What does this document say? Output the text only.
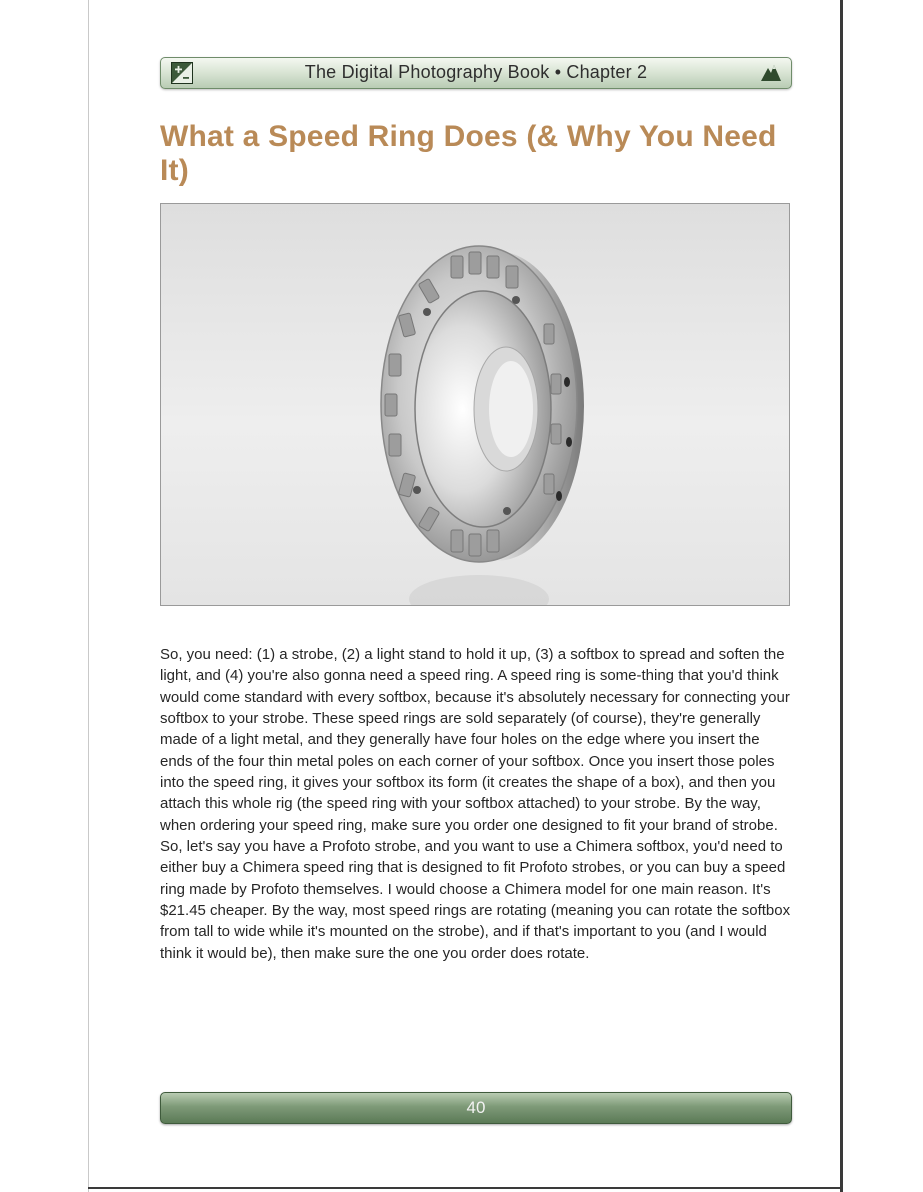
The Digital Photography Book • Chapter 2
What a Speed Ring Does (& Why You Need It)

So, you need: (1) a strobe, (2) a light stand to hold it up, (3) a softbox to spread and soften the light, and (4) you're also gonna need a speed ring. A speed ring is some-thing that you'd think would come standard with every softbox, because it's absolutely necessary for connecting your softbox to your strobe. These speed rings are sold separately (of course), they're generally made of a light metal, and they generally have four holes on the edge where you insert the ends of the four thin metal poles on each corner of your softbox. Once you insert those poles into the speed ring, it gives your softbox its form (it creates the shape of a box), and then you attach this whole rig (the speed ring with your softbox attached) to your strobe. By the way, when ordering your speed ring, make sure you order one designed to fit your brand of strobe. So, let's say you have a Profoto strobe, and you want to use a Chimera softbox, you'd need to either buy a Chimera speed ring that is designed to fit Profoto strobes, or you can buy a speed ring made by Profoto themselves. I would choose a Chimera model for one main reason. It's $21.45 cheaper. By the way, most speed rings are rotating (meaning you can rotate the softbox from tall to wide while it's mounted on the strobe), and if that's important to you (and I would think it would be), then make sure the one you order does rotate.

40
